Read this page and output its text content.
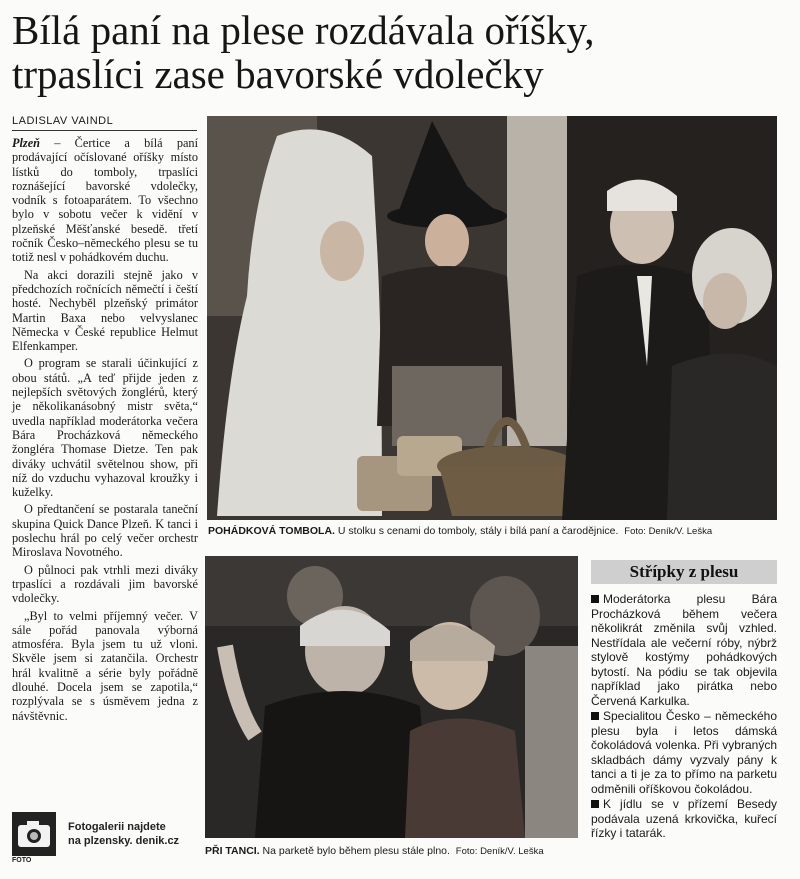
Bílá paní na plese rozdávala oříšky,
trpaslíci zase bavorské vdolečky
LADISLAV VAINDL

Plzeň – Čertice a bílá paní prodávající očíslované oříšky místo lístků do tomboly, trpaslíci roznášející bavorské vdolečky, vodník s fotoaparátem. To všechno bylo v sobotu večer k vidění v plzeňské Měšťanské besedě. třetí ročník Česko–německého plesu se tu totiž nesl v pohádkovém duchu.

Na akci dorazili stejně jako v předchozích ročnících němečtí i čeští hosté. Nechyběl plzeňský primátor Martin Baxa nebo velvyslanec Německa v České republice Helmut Elfenkamper.

O program se starali účinkující z obou států. „A teď přijde jeden z nejlepších světových žonglérů, který je několikanásobný mistr světa,“ uvedla například moderátorka večera Bára Procházková německého žongléra Thomase Dietze. Ten pak diváky uchvátil světelnou show, při níž do vzduchu vyhazoval kroužky i kuželky.

O předtančení se postarala taneční skupina Quick Dance Plzeň. K tanci i poslechu hrál po celý večer orchestr Miroslava Novotného.

O půlnoci pak vtrhli mezi diváky trpaslíci a rozdávali jim bavorské vdolečky.

„Byl to velmi příjemný večer. V sále pořád panovala výborná atmosféra. Byla jsem tu už vloni. Skvěle jsem si zatančila. Orchestr hrál kvalitně a série byly pořádně dlouhé. Docela jsem se zapotila,“ rozplývala se s úsměvem jedna z návštěvnic.

POHÁDKOVÁ TOMBOLA. U stolku s cenami do tomboly, stály i bílá paní a čarodějnice. Foto: Deník/V. Leška
PŘI TANCI. Na parketě bylo během plesu stále plno. Foto: Deník/V. Leška
Střípky z plesu

Moderátorka plesu Bára Procházková během večera několikrát změnila svůj vzhled. Nestřídala ale večerní róby, nýbrž stylově kostýmy pohádkových bytostí. Na pódiu se tak objevila například jako pirátka nebo Červená Karkulka.

Specialitou Česko – německého plesu byla i letos dámská čokoládová volenka. Při vybraných skladbách dámy vyzvaly pány k tanci a ti je za to přímo na parketu odměnili oříškovou čokoládou.

K jídlu se v přízemí Besedy podávala uzená krkovička, kuřecí řízky i tatarák.

FOTO
Fotogalerii najdete
na plzensky. denik.cz
